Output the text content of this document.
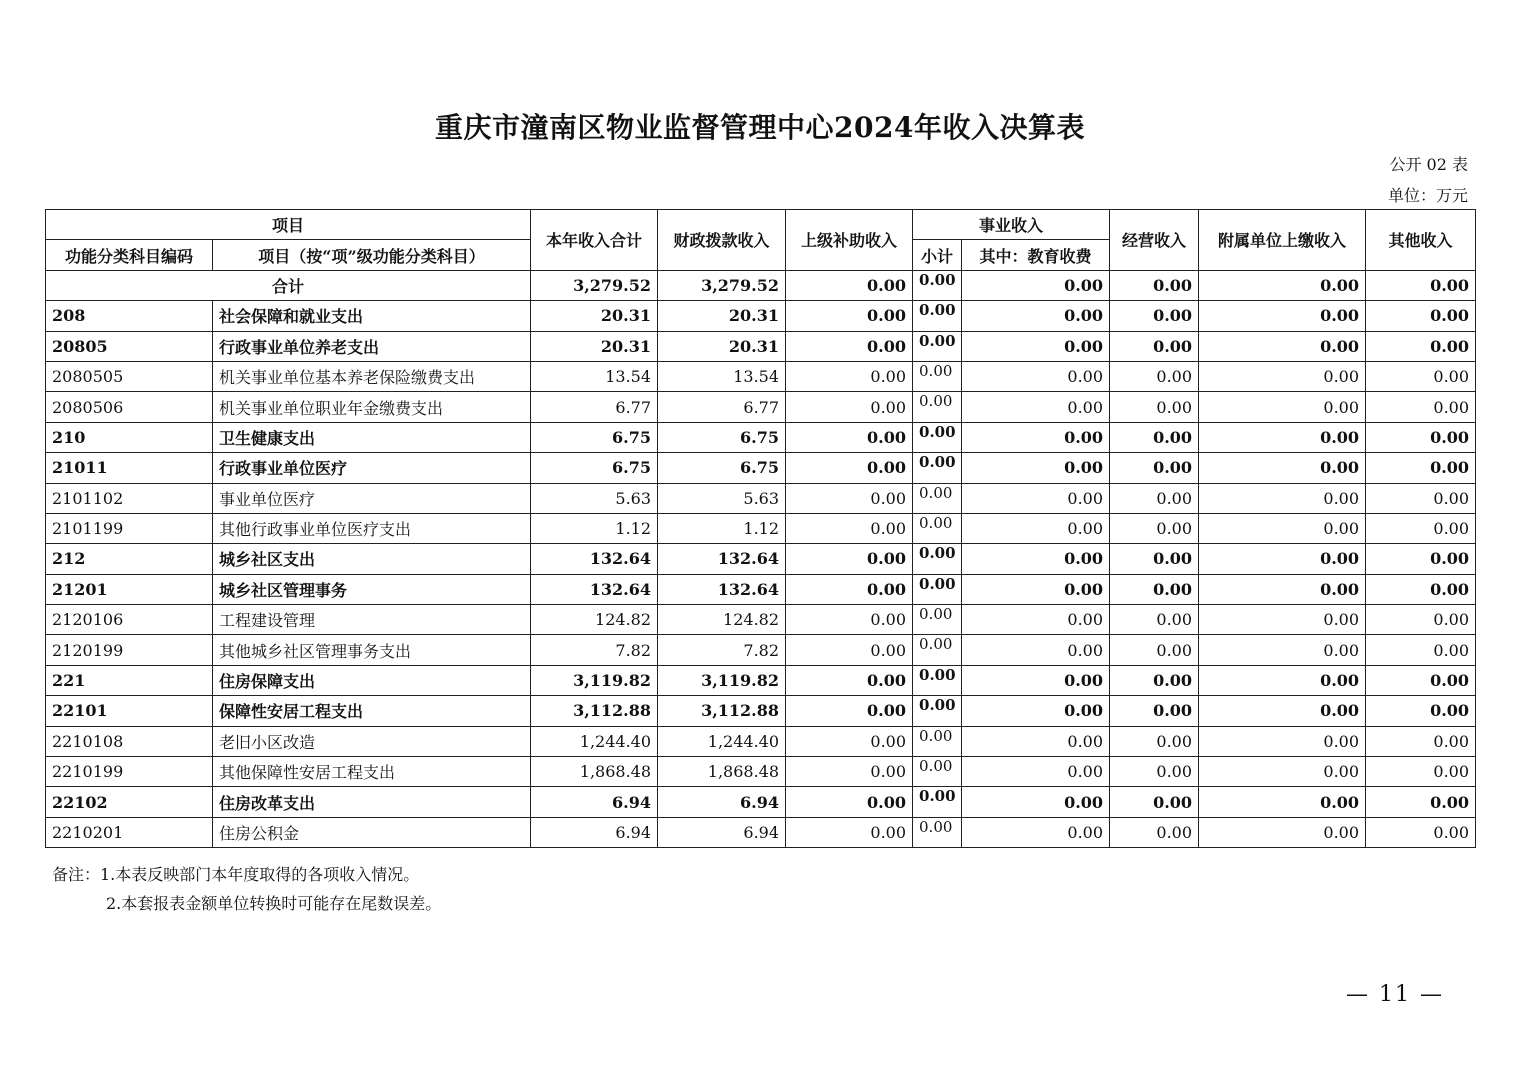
重庆市潼南区物业监督管理中心2024年收入决算表
公开 02 表
单位：万元
项目		本年收入合计	财政拨款收入	上级补助收入	事业收入		经营收入	附属单位上缴收入	其他收入
功能分类科目编码	项目（按“项”级功能分类科目）				小计	其中：教育收费			
合计		3,279.52	3,279.52	0.00	0.00	0.00	0.00	0.00	0.00
208	社会保障和就业支出	20.31	20.31	0.00	0.00	0.00	0.00	0.00	0.00
20805	行政事业单位养老支出	20.31	20.31	0.00	0.00	0.00	0.00	0.00	0.00
2080505	机关事业单位基本养老保险缴费支出	13.54	13.54	0.00	0.00	0.00	0.00	0.00	0.00
2080506	机关事业单位职业年金缴费支出	6.77	6.77	0.00	0.00	0.00	0.00	0.00	0.00
210	卫生健康支出	6.75	6.75	0.00	0.00	0.00	0.00	0.00	0.00
21011	行政事业单位医疗	6.75	6.75	0.00	0.00	0.00	0.00	0.00	0.00
2101102	事业单位医疗	5.63	5.63	0.00	0.00	0.00	0.00	0.00	0.00
2101199	其他行政事业单位医疗支出	1.12	1.12	0.00	0.00	0.00	0.00	0.00	0.00
212	城乡社区支出	132.64	132.64	0.00	0.00	0.00	0.00	0.00	0.00
21201	城乡社区管理事务	132.64	132.64	0.00	0.00	0.00	0.00	0.00	0.00
2120106	工程建设管理	124.82	124.82	0.00	0.00	0.00	0.00	0.00	0.00
2120199	其他城乡社区管理事务支出	7.82	7.82	0.00	0.00	0.00	0.00	0.00	0.00
221	住房保障支出	3,119.82	3,119.82	0.00	0.00	0.00	0.00	0.00	0.00
22101	保障性安居工程支出	3,112.88	3,112.88	0.00	0.00	0.00	0.00	0.00	0.00
2210108	老旧小区改造	1,244.40	1,244.40	0.00	0.00	0.00	0.00	0.00	0.00
2210199	其他保障性安居工程支出	1,868.48	1,868.48	0.00	0.00	0.00	0.00	0.00	0.00
22102	住房改革支出	6.94	6.94	0.00	0.00	0.00	0.00	0.00	0.00
2210201	住房公积金	6.94	6.94	0.00	0.00	0.00	0.00	0.00	0.00
备注：1.本表反映部门本年度取得的各项收入情况。
2.本套报表金额单位转换时可能存在尾数误差。
— 11 —
